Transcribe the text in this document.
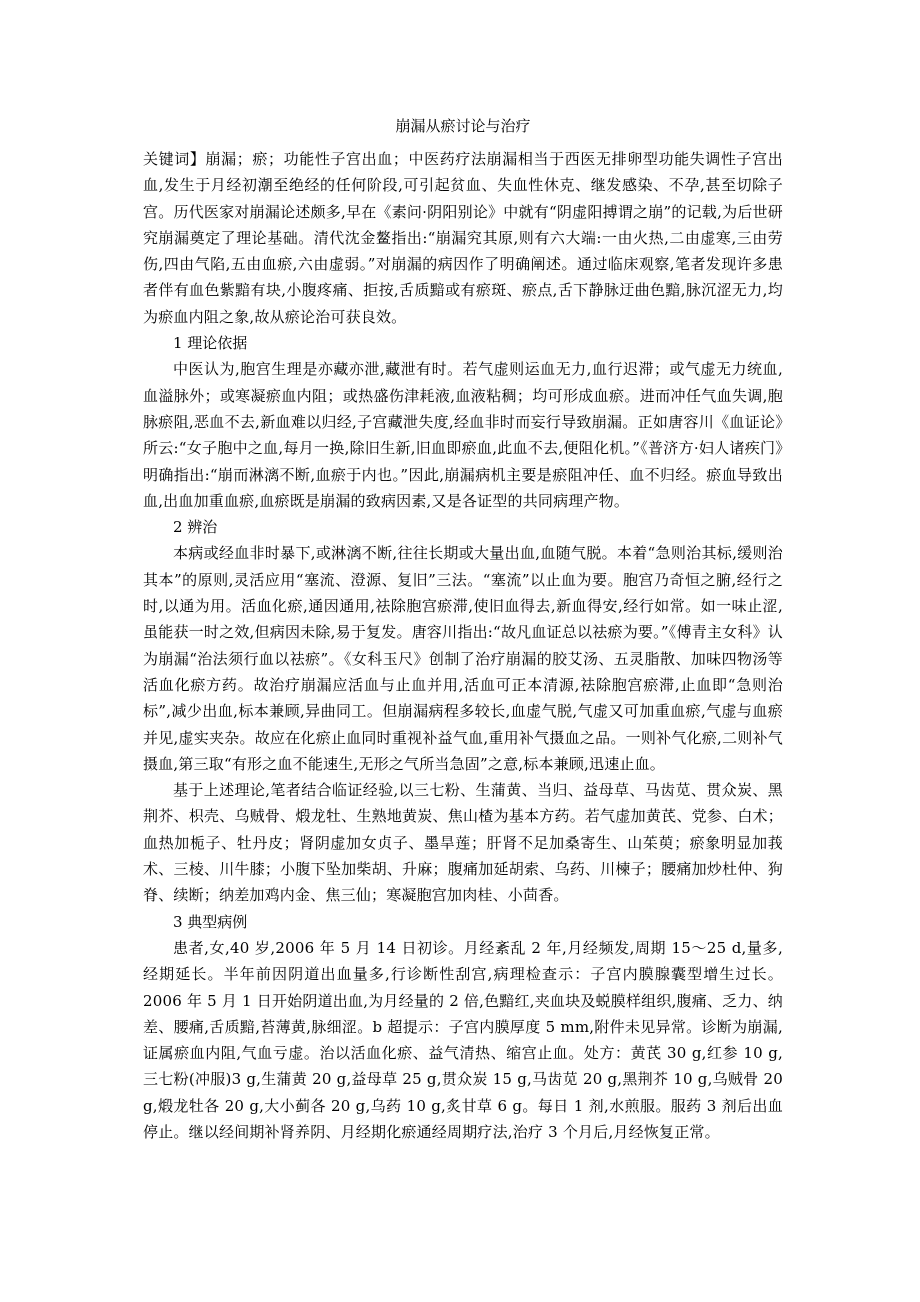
崩漏从瘀讨论与治疗

关键词】崩漏；瘀；功能性子宫出血；中医药疗法崩漏相当于西医无排卵型功能失调性子宫出血,发生于月经初潮至绝经的任何阶段,可引起贫血、失血性休克、继发感染、不孕,甚至切除子宫。历代医家对崩漏论述颇多,早在《素问·阴阳别论》中就有“阴虚阳搏谓之崩”的记载,为后世研究崩漏奠定了理论基础。清代沈金鳌指出:“崩漏究其原,则有六大端:一由火热,二由虚寒,三由劳伤,四由气陷,五由血瘀,六由虚弱。”对崩漏的病因作了明确阐述。通过临床观察,笔者发现许多患者伴有血色紫黯有块,小腹疼痛、拒按,舌质黯或有瘀斑、瘀点,舌下静脉迂曲色黯,脉沉涩无力,均为瘀血内阻之象,故从瘀论治可获良效。

1 理论依据

中医认为,胞宫生理是亦藏亦泄,藏泄有时。若气虚则运血无力,血行迟滞；或气虚无力统血,血溢脉外；或寒凝瘀血内阻；或热盛伤津耗液,血液粘稠；均可形成血瘀。进而冲任气血失调,胞脉瘀阻,恶血不去,新血难以归经,子宫藏泄失度,经血非时而妄行导致崩漏。正如唐容川《血证论》所云:“女子胞中之血,每月一换,除旧生新,旧血即瘀血,此血不去,便阻化机。”《普济方·妇人诸疾门》明确指出:“崩而淋漓不断,血瘀于内也。”因此,崩漏病机主要是瘀阻冲任、血不归经。瘀血导致出血,出血加重血瘀,血瘀既是崩漏的致病因素,又是各证型的共同病理产物。

2 辨治

本病或经血非时暴下,或淋漓不断,往往长期或大量出血,血随气脱。本着“急则治其标,缓则治其本”的原则,灵活应用“塞流、澄源、复旧”三法。“塞流”以止血为要。胞宫乃奇恒之腑,经行之时,以通为用。活血化瘀,通因通用,祛除胞宫瘀滞,使旧血得去,新血得安,经行如常。如一味止涩,虽能获一时之效,但病因未除,易于复发。唐容川指出:“故凡血证总以祛瘀为要。”《傅青主女科》认为崩漏“治法须行血以祛瘀”。《女科玉尺》创制了治疗崩漏的胶艾汤、五灵脂散、加味四物汤等活血化瘀方药。故治疗崩漏应活血与止血并用,活血可正本清源,祛除胞宫瘀滞,止血即“急则治标”,减少出血,标本兼顾,异曲同工。但崩漏病程多较长,血虚气脱,气虚又可加重血瘀,气虚与血瘀并见,虚实夹杂。故应在化瘀止血同时重视补益气血,重用补气摄血之品。一则补气化瘀,二则补气摄血,第三取“有形之血不能速生,无形之气所当急固”之意,标本兼顾,迅速止血。

基于上述理论,笔者结合临证经验,以三七粉、生蒲黄、当归、益母草、马齿苋、贯众炭、黑荆芥、枳壳、乌贼骨、煅龙牡、生熟地黄炭、焦山楂为基本方药。若气虚加黄芪、党参、白术；血热加栀子、牡丹皮；肾阴虚加女贞子、墨旱莲；肝肾不足加桑寄生、山茱萸；瘀象明显加莪术、三棱、川牛膝；小腹下坠加柴胡、升麻；腹痛加延胡索、乌药、川楝子；腰痛加炒杜仲、狗脊、续断；纳差加鸡内金、焦三仙；寒凝胞宫加肉桂、小茴香。

3 典型病例

患者,女,40 岁,2006 年 5 月 14 日初诊。月经紊乱 2 年,月经频发,周期 15～25 d,量多,经期延长。半年前因阴道出血量多,行诊断性刮宫,病理检查示：子宫内膜腺囊型增生过长。2006 年 5 月 1 日开始阴道出血,为月经量的 2 倍,色黯红,夹血块及蜕膜样组织,腹痛、乏力、纳差、腰痛,舌质黯,苔薄黄,脉细涩。b 超提示：子宫内膜厚度 5 mm,附件未见异常。诊断为崩漏,证属瘀血内阻,气血亏虚。治以活血化瘀、益气清热、缩宫止血。处方：黄芪 30 g,红参 10 g,三七粉(冲服)3 g,生蒲黄 20 g,益母草 25 g,贯众炭 15 g,马齿苋 20 g,黑荆芥 10 g,乌贼骨 20 g,煅龙牡各 20 g,大小蓟各 20 g,乌药 10 g,炙甘草 6 g。每日 1 剂,水煎服。服药 3 剂后出血停止。继以经间期补肾养阴、月经期化瘀通经周期疗法,治疗 3 个月后,月经恢复正常。
